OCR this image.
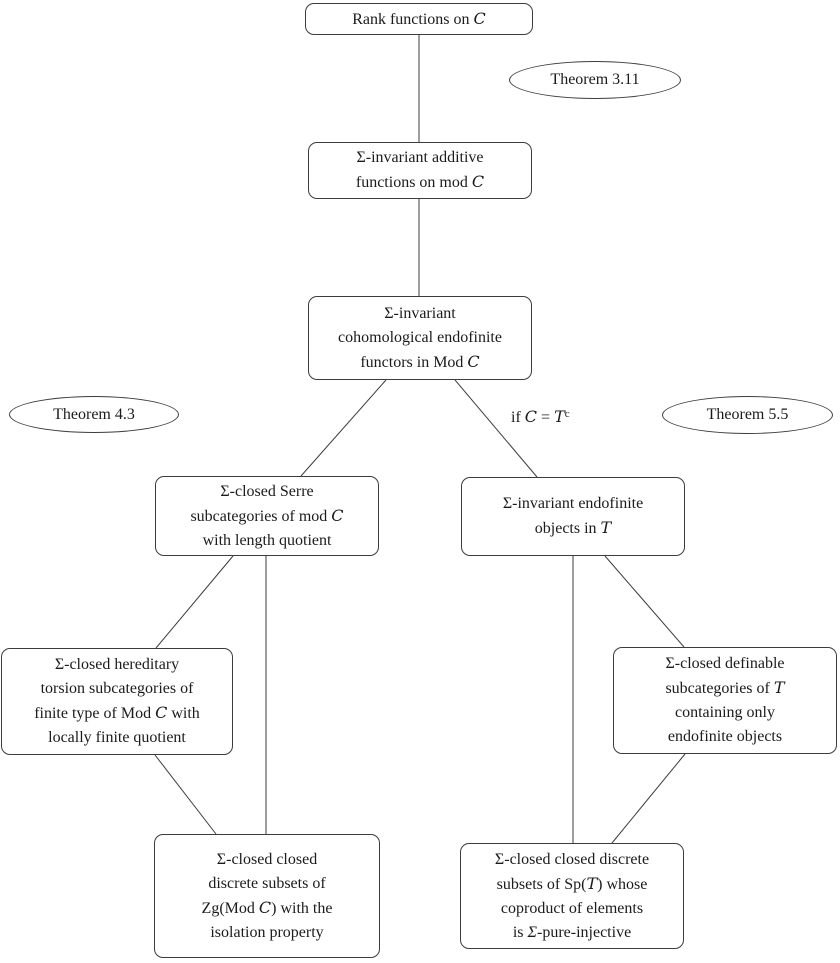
Rank functions on C
Theorem 3.11
Σ-invariant additive
functions on mod C
Σ-invariant
cohomological endofinite
functors in Mod C
Theorem 4.3	if $C = T^c$	Theorem 5.5
Σ-closed Serre
subcategories of mod C
with length quotient
Σ-invariant endofinite
objects in T
Σ-closed hereditary
torsion subcategories of
finite type of Mod C with
locally finite quotient
Σ-closed definable
subcategories of T
containing only
endofinite objects
Σ-closed closed
discrete subsets of
Zg(Mod C) with the
isolation property
Σ-closed closed discrete
subsets of Sp(T) whose
coproduct of elements
is Σ-pure-injective
